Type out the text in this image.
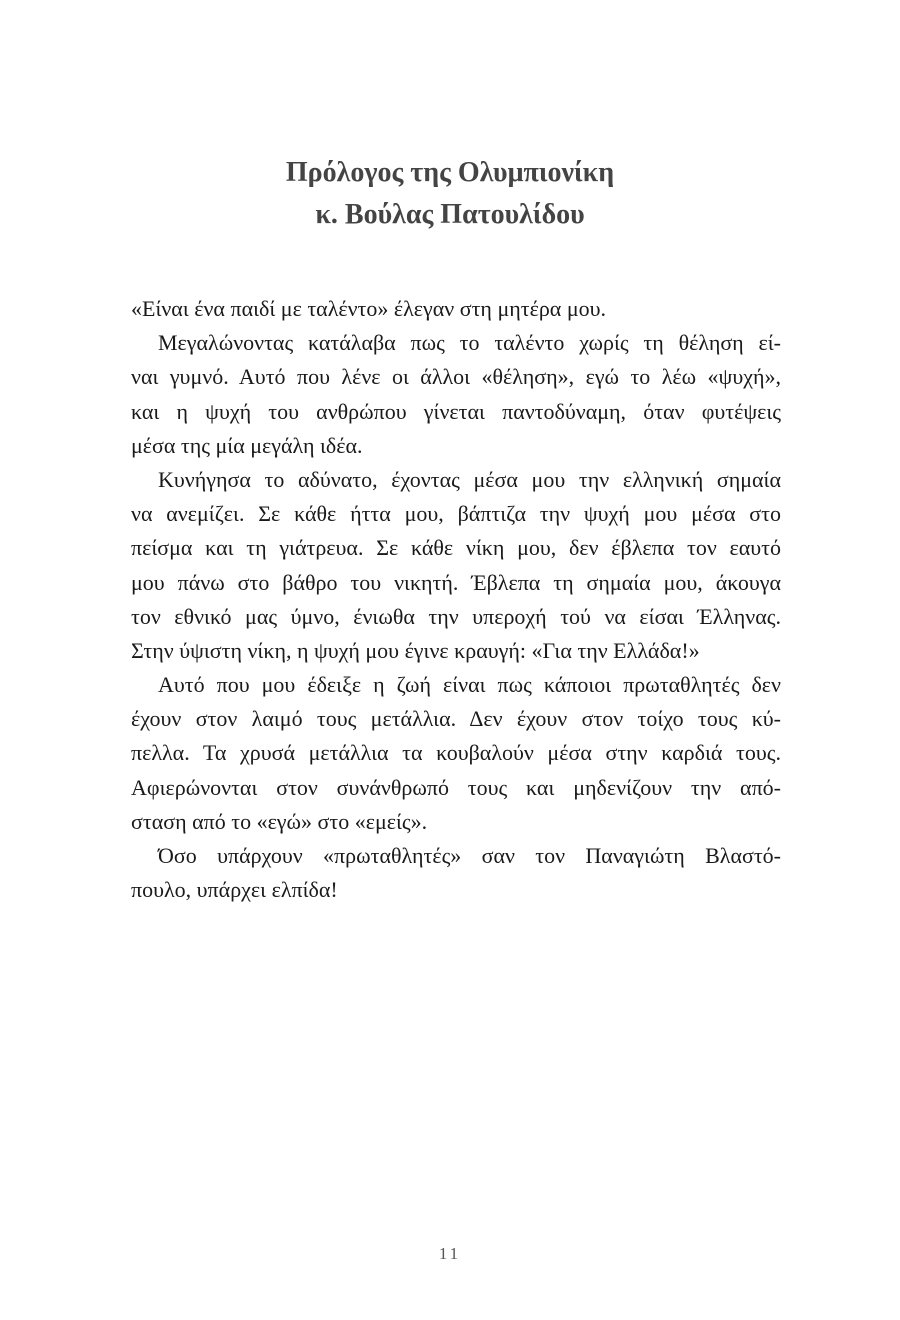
Πρόλογος της Ολυμπιονίκη
κ. Βούλας Πατουλίδου
«Είναι ένα παιδί με ταλέντο» έλεγαν στη μητέρα μου.
Μεγαλώνοντας κατάλαβα πως το ταλέντο χωρίς τη θέληση εί-
ναι γυμνό. Αυτό που λένε οι άλλοι «θέληση», εγώ το λέω «ψυχή»,
και η ψυχή του ανθρώπου γίνεται παντοδύναμη, όταν φυτέψεις
μέσα της μία μεγάλη ιδέα.
Κυνήγησα το αδύνατο, έχοντας μέσα μου την ελληνική σημαία
να ανεμίζει. Σε κάθε ήττα μου, βάπτιζα την ψυχή μου μέσα στο
πείσμα και τη γιάτρευα. Σε κάθε νίκη μου, δεν έβλεπα τον εαυτό
μου πάνω στο βάθρο του νικητή. Έβλεπα τη σημαία μου, άκουγα
τον εθνικό μας ύμνο, ένιωθα την υπεροχή τού να είσαι Έλληνας.
Στην ύψιστη νίκη, η ψυχή μου έγινε κραυγή: «Για την Ελλάδα!»
Αυτό που μου έδειξε η ζωή είναι πως κάποιοι πρωταθλητές δεν
έχουν στον λαιμό τους μετάλλια. Δεν έχουν στον τοίχο τους κύ-
πελλα. Τα χρυσά μετάλλια τα κουβαλούν μέσα στην καρδιά τους.
Αφιερώνονται στον συνάνθρωπό τους και μηδενίζουν την από-
σταση από το «εγώ» στο «εμείς».
Όσο υπάρχουν «πρωταθλητές» σαν τον Παναγιώτη Βλαστό-
πουλο, υπάρχει ελπίδα!
11
